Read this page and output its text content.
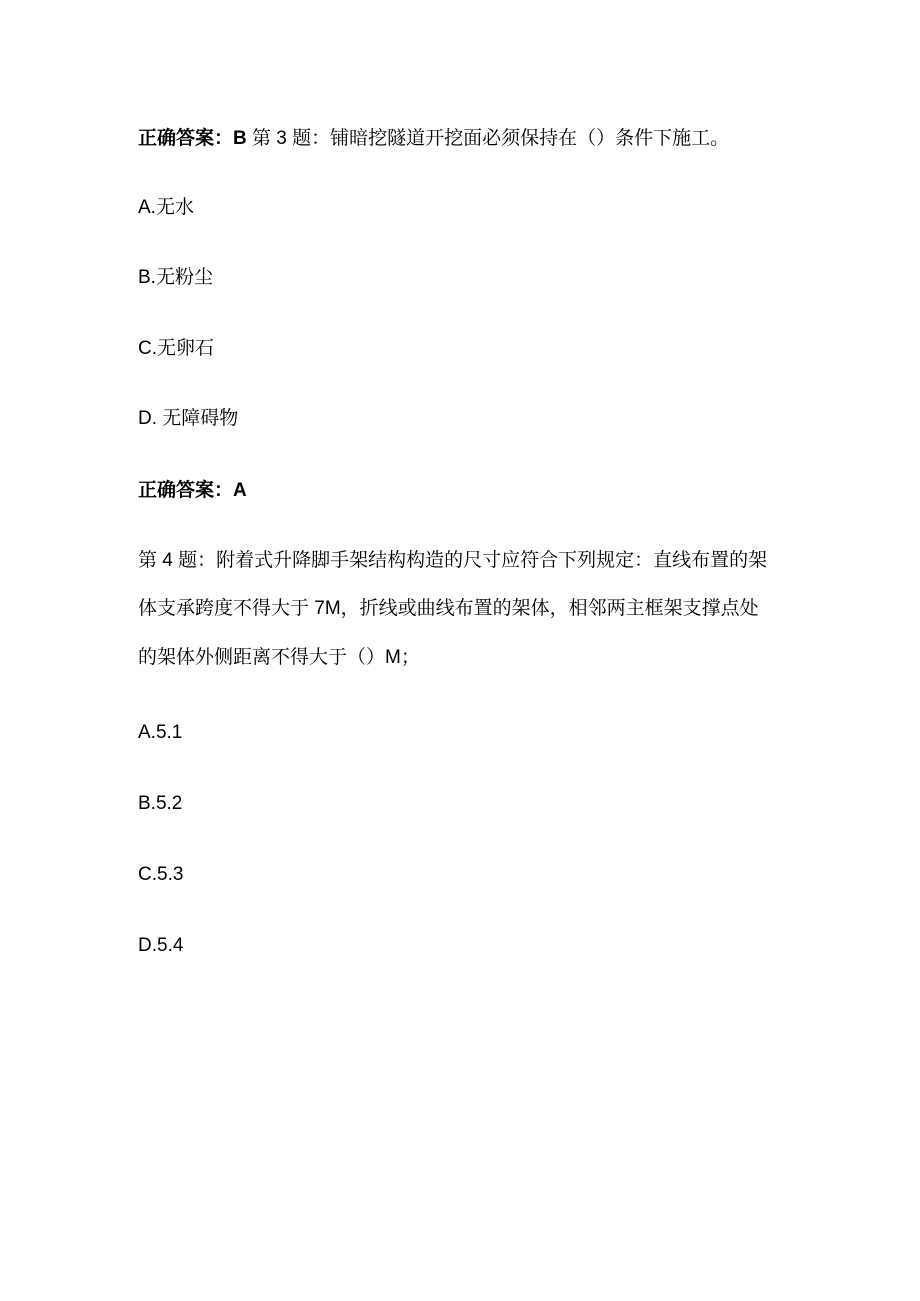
正确答案：B 第 3 题：铺暗挖隧道开挖面必须保持在（）条件下施工。
A.无水
B.无粉尘
C.无卵石
D. 无障碍物
正确答案：A
第 4 题：附着式升降脚手架结构构造的尺寸应符合下列规定：直线布置的架
体支承跨度不得大于 7M，折线或曲线布置的架体，相邻两主框架支撑点处
的架体外侧距离不得大于（）M；
A.5.1
B.5.2
C.5.3
D.5.4
